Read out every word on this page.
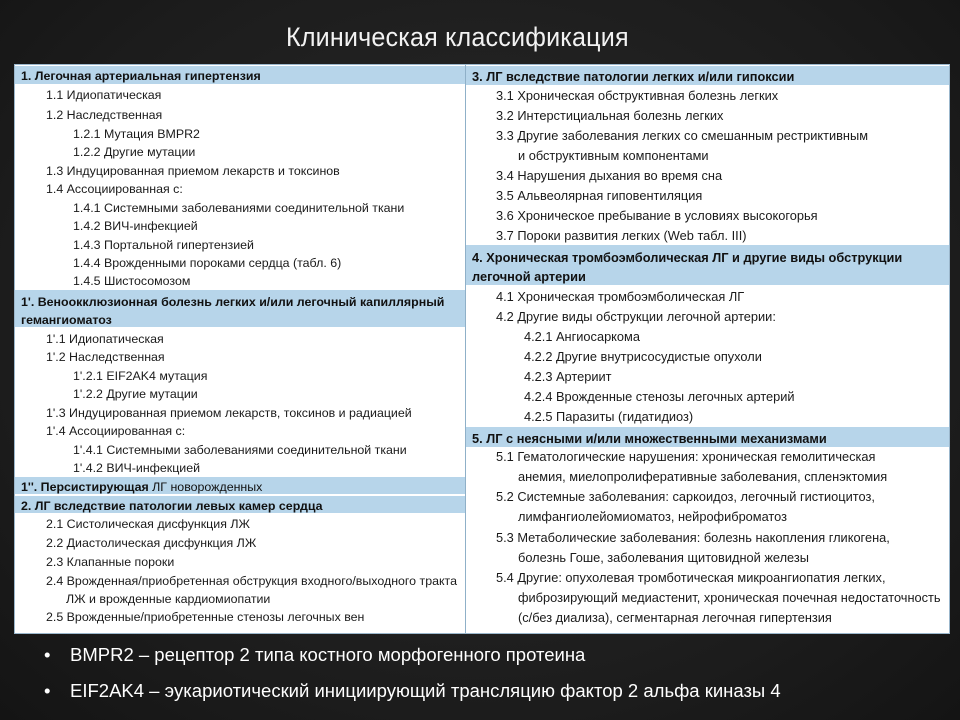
Клиническая классификация
1. Легочная артериальная гипертензия
1.1 Идиопатическая
1.2 Наследственная
1.2.1 Мутация BMPR2
1.2.2 Другие мутации
1.3 Индуцированная приемом лекарств и токсинов
1.4 Ассоциированная с:
1.4.1 Системными заболеваниями соединительной ткани
1.4.2 ВИЧ-инфекцией
1.4.3 Портальной гипертензией
1.4.4 Врожденными пороками сердца (табл. 6)
1.4.5 Шистосомозом
1'. Веноокклюзионная болезнь легких и/или легочный капиллярный
гемангиоматоз
1'.1 Идиопатическая
1'.2 Наследственная
1'.2.1 EIF2AK4 мутация
1'.2.2 Другие мутации
1'.3 Индуцированная приемом лекарств, токсинов и радиацией
1'.4 Ассоциированная с:
1'.4.1 Системными заболеваниями соединительной ткани
1'.4.2 ВИЧ-инфекцией
1''. Персистирующая ЛГ новорожденных
2. ЛГ вследствие патологии левых камер сердца
2.1 Систолическая дисфункция ЛЖ
2.2 Диастолическая дисфункция ЛЖ
2.3 Клапанные пороки
2.4 Врожденная/приобретенная обструкция входного/выходного тракта
ЛЖ и врожденные кардиомиопатии
2.5 Врожденные/приобретенные стенозы легочных вен
3. ЛГ вследствие патологии легких и/или гипоксии
3.1 Хроническая обструктивная болезнь легких
3.2 Интерстициальная болезнь легких
3.3 Другие заболевания легких со смешанным рестриктивным
и обструктивным компонентами
3.4 Нарушения дыхания во время сна
3.5 Альвеолярная гиповентиляция
3.6 Хроническое пребывание в условиях высокогорья
3.7 Пороки развития легких (Web табл. III)
4. Хроническая тромбоэмболическая ЛГ и другие виды обструкции
легочной артерии
4.1 Хроническая тромбоэмболическая ЛГ
4.2 Другие виды обструкции легочной артерии:
4.2.1 Ангиосаркома
4.2.2 Другие внутрисосудистые опухоли
4.2.3 Артериит
4.2.4 Врожденные стенозы легочных артерий
4.2.5 Паразиты (гидатидиоз)
5. ЛГ с неясными и/или множественными механизмами
5.1 Гематологические нарушения: хроническая гемолитическая
анемия, миелопролиферативные заболевания, спленэктомия
5.2 Системные заболевания: саркоидоз, легочный гистиоцитоз,
лимфангиолейомиоматоз, нейрофиброматоз
5.3 Метаболические заболевания: болезнь накопления гликогена,
болезнь Гоше, заболевания щитовидной железы
5.4 Другие: опухолевая тромботическая микроангиопатия легких,
фиброзирующий медиастенит, хроническая почечная недостаточность
(с/без диализа), сегментарная легочная гипертензия
• BMPR2 – рецептор 2 типа костного морфогенного протеина
• EIF2AK4 – эукариотический инициирующий трансляцию фактор 2 альфа киназы 4
